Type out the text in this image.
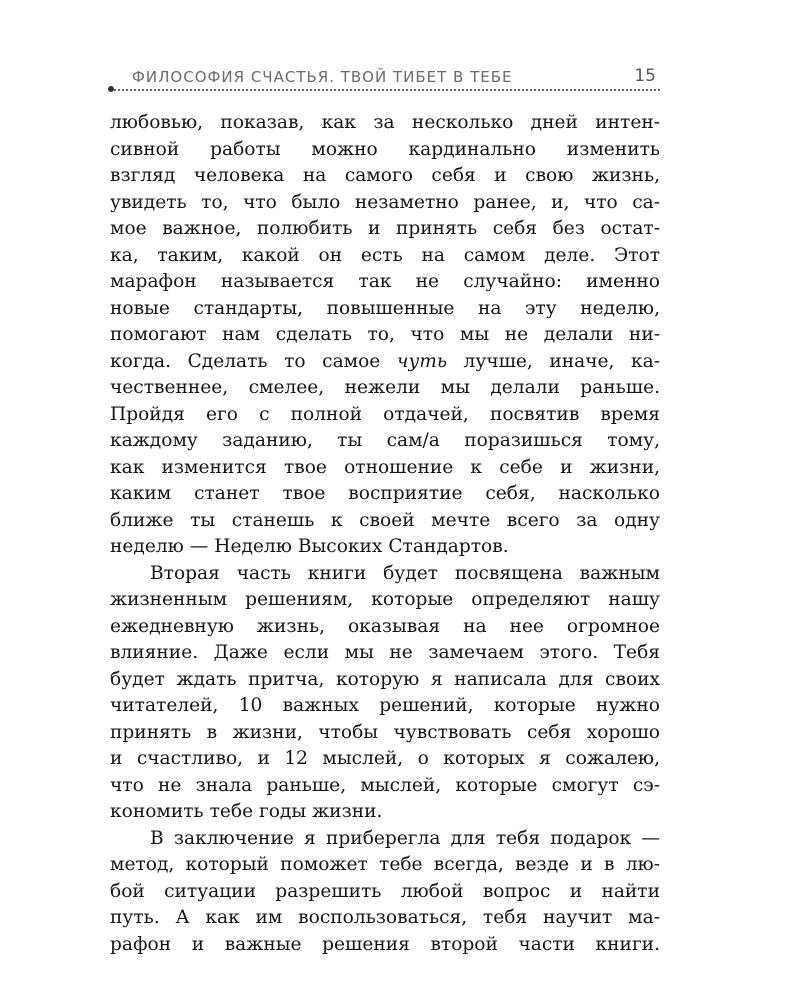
ФИЛОСОФИЯ СЧАСТЬЯ. ТВОЙ ТИБЕТ В ТЕБЕ	15
любовью, показав, как за несколько дней интен-
сивной работы можно кардинально изменить
взгляд человека на самого себя и свою жизнь,
увидеть то, что было незаметно ранее, и, что са-
мое важное, полюбить и принять себя без остат-
ка, таким, какой он есть на самом деле. Этот
марафон называется так не случайно: именно
новые стандарты, повышенные на эту неделю,
помогают нам сделать то, что мы не делали ни-
когда. Сделать то самое чуть лучше, иначе, ка-
чественнее, смелее, нежели мы делали раньше.
Пройдя его с полной отдачей, посвятив время
каждому заданию, ты сам/а поразишься тому,
как изменится твое отношение к себе и жизни,
каким станет твое восприятие себя, насколько
ближе ты станешь к своей мечте всего за одну
неделю — Неделю Высоких Стандартов.
Вторая часть книги будет посвящена важным
жизненным решениям, которые определяют нашу
ежедневную жизнь, оказывая на нее огромное
влияние. Даже если мы не замечаем этого. Тебя
будет ждать притча, которую я написала для своих
читателей, 10 важных решений, которые нужно
принять в жизни, чтобы чувствовать себя хорошо
и счастливо, и 12 мыслей, о которых я сожалею,
что не знала раньше, мыслей, которые смогут сэ-
кономить тебе годы жизни.
В заключение я приберегла для тебя подарок —
метод, который поможет тебе всегда, везде и в лю-
бой ситуации разрешить любой вопрос и найти
путь. А как им воспользоваться, тебя научит ма-
рафон и важные решения второй части книги.
